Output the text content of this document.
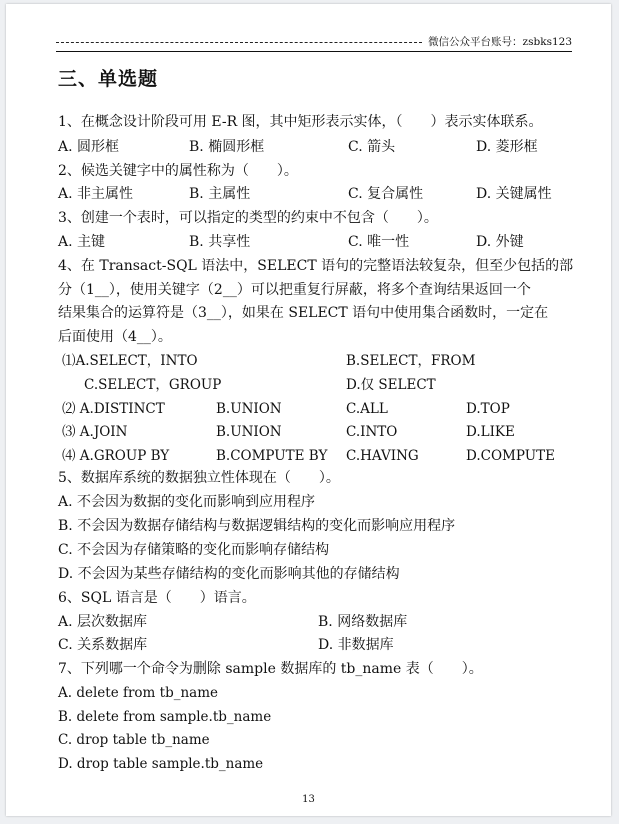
微信公众平台账号：zsbks123
三、单选题
1、在概念设计阶段可用 E-R 图，其中矩形表示实体，（　　）表示实体联系。
A. 圆形框	B. 椭圆形框	C. 箭头	D. 菱形框
2、候选关键字中的属性称为（　　）。
A. 非主属性	B. 主属性	C. 复合属性	D. 关键属性
3、创建一个表时，可以指定的类型的约束中不包含（　　）。
A. 主键	B. 共享性	C. 唯一性	D. 外键
4、在 Transact-SQL 语法中，SELECT 语句的完整语法较复杂，但至少包括的部
分（1__），使用关键字（2__）可以把重复行屏蔽，将多个查询结果返回一个
结果集合的运算符是（3__），如果在 SELECT 语句中使用集合函数时，一定在
后面使用（4__）。
⑴A.SELECT，INTO	B.SELECT，FROM
C.SELECT，GROUP	D.仅 SELECT
⑵ A.DISTINCT	B.UNION	C.ALL	D.TOP
⑶ A.JOIN	B.UNION	C.INTO	D.LIKE
⑷ A.GROUP BY	B.COMPUTE BY C.HAVING	D.COMPUTE
5、数据库系统的数据独立性体现在（　　）。
A. 不会因为数据的变化而影响到应用程序
B. 不会因为数据存储结构与数据逻辑结构的变化而影响应用程序
C. 不会因为存储策略的变化而影响存储结构
D. 不会因为某些存储结构的变化而影响其他的存储结构
6、SQL 语言是（　　）语言。
A. 层次数据库	B. 网络数据库
C. 关系数据库	D. 非数据库
7、下列哪一个命令为删除 sample 数据库的 tb_name 表（　　）。
A. delete from tb_name
B. delete from sample.tb_name
C. drop table tb_name
D. drop table sample.tb_name
13
